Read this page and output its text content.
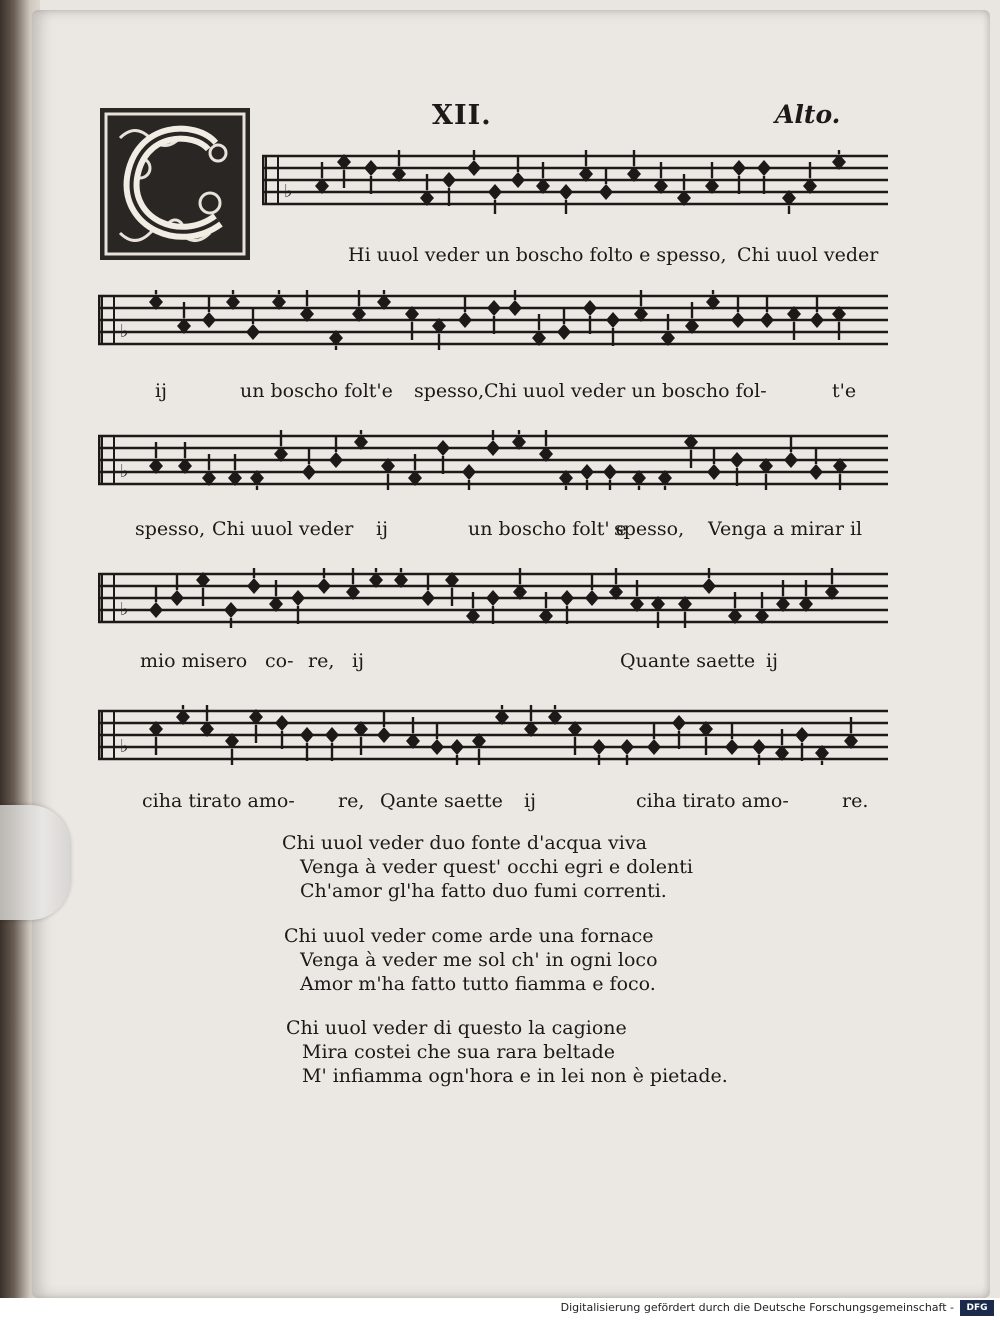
XII.	Alto.
♭
♭
♭
♭
♭
Hi uuol veder un boscho folto e spesso, Chi uuol veder
ij	un boscho folt'e spesso, Chi uuol veder un boscho fol-	t'e
spesso, Chi uuol veder ij	un boscho folt' e
spesso, Venga a mirar il
mio misero co- re, ij	Quante saette ij
ciha tirato amo- re, Qante saette ij	ciha tirato amo-	re.
Chi uuol veder duo fonte d'acqua viva
Venga à veder quest' occhi egri e dolenti
Ch'amor gl'ha fatto duo fumi correnti.
Chi uuol veder come arde una fornace
Venga à veder me sol ch' in ogni loco
Amor m'ha fatto tutto fiamma e foco.
Chi uuol veder di questo la cagione
Mira costei che sua rara beltade
M' infiamma ogn'hora e in lei non è pietade.
Digitalisierung gefördert durch die Deutsche Forschungsgemeinschaft -	DFG
